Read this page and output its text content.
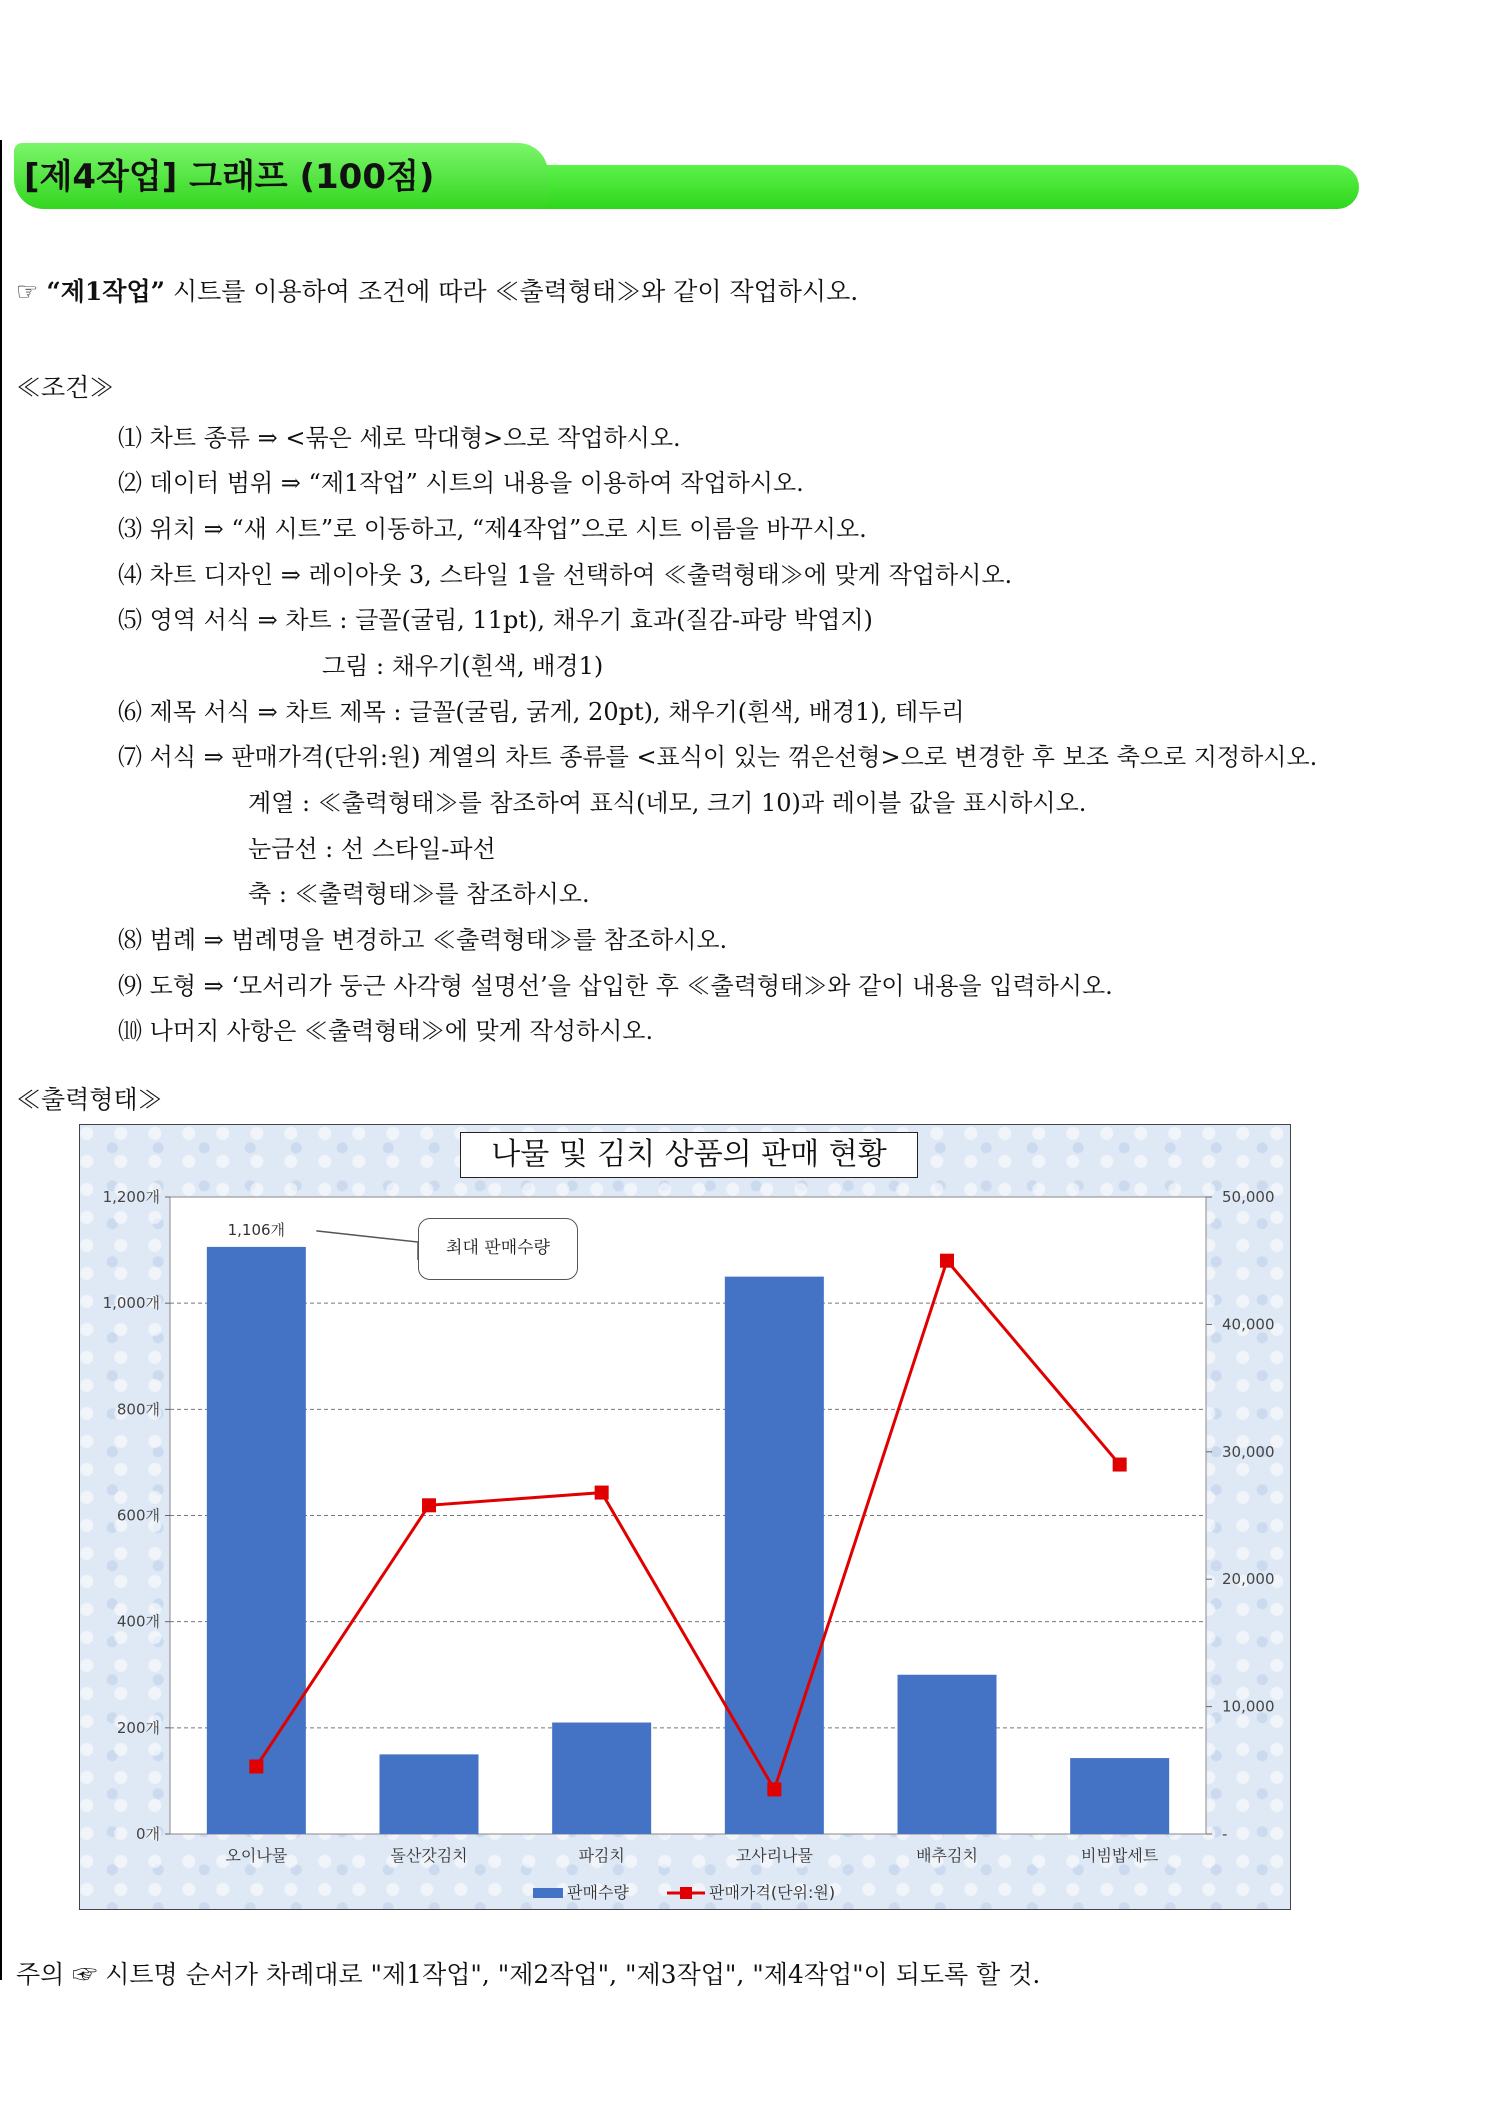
[제4작업] 그래프 (100점)
☞ “제1작업” 시트를 이용하여 조건에 따라 ≪출력형태≫와 같이 작업하시오.
≪조건≫
⑴ 차트 종류 ⇒ <묶은 세로 막대형>으로 작업하시오.
⑵ 데이터 범위 ⇒ “제1작업” 시트의 내용을 이용하여 작업하시오.
⑶ 위치 ⇒ “새 시트”로 이동하고, “제4작업”으로 시트 이름을 바꾸시오.
⑷ 차트 디자인 ⇒ 레이아웃 3, 스타일 1을 선택하여 ≪출력형태≫에 맞게 작업하시오.
⑸ 영역 서식 ⇒ 차트 : 글꼴(굴림, 11pt), 채우기 효과(질감-파랑 박엽지)
그림 : 채우기(흰색, 배경1)
⑹ 제목 서식 ⇒ 차트 제목 : 글꼴(굴림, 굵게, 20pt), 채우기(흰색, 배경1), 테두리
⑺ 서식 ⇒ 판매가격(단위:원) 계열의 차트 종류를 <표식이 있는 꺾은선형>으로 변경한 후 보조 축으로 지정하시오.
계열 : ≪출력형태≫를 참조하여 표식(네모, 크기 10)과 레이블 값을 표시하시오.
눈금선 : 선 스타일-파선
축 : ≪출력형태≫를 참조하시오.
⑻ 범례 ⇒ 범례명을 변경하고 ≪출력형태≫를 참조하시오.
⑼ 도형 ⇒ ‘모서리가 둥근 사각형 설명선’을 삽입한 후 ≪출력형태≫와 같이 내용을 입력하시오.
⑽ 나머지 사항은 ≪출력형태≫에 맞게 작성하시오.
≪출력형태≫
0개
200개
400개
600개
800개
1,000개
1,200개
-
10,000
20,000
30,000
40,000
50,000
오이나물	돌산갓김치	파김치	고사리나물	배추김치	비빔밥세트
1,106개
판매수량	판매가격(단위:원)
나물 및 김치 상품의 판매 현황
최대 판매수량
주의 ☞ 시트명 순서가 차례대로 "제1작업", "제2작업", "제3작업", "제4작업"이 되도록 할 것.
